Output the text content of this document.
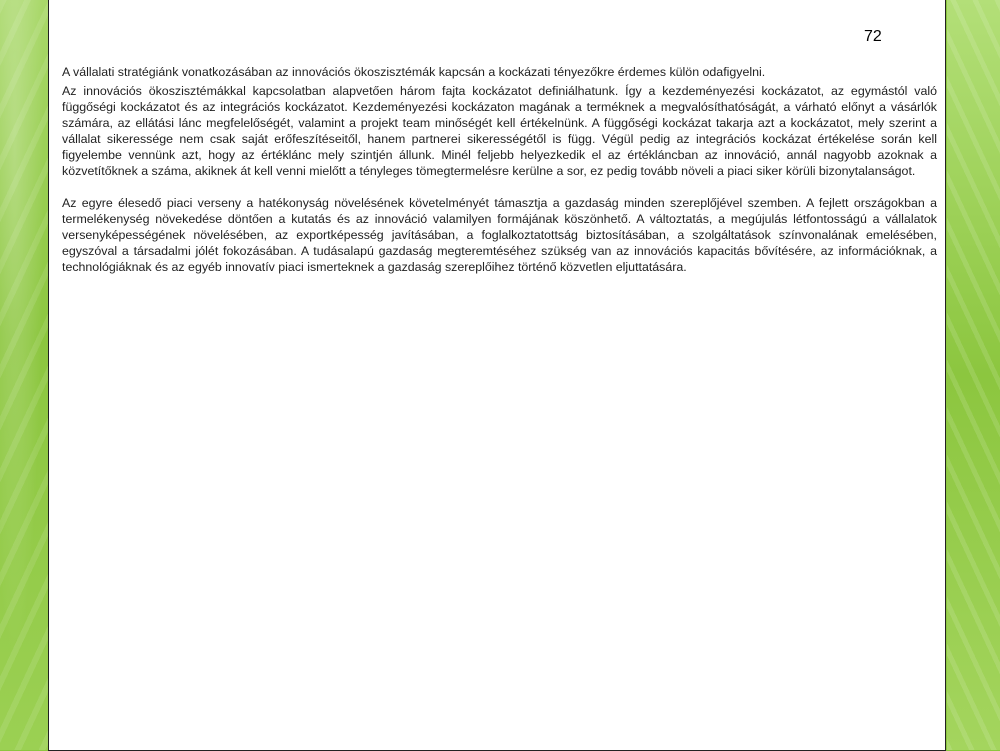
72

A vállalati stratégiánk vonatkozásában az innovációs ökoszisztémák kapcsán a kockázati tényezőkre érdemes külön odafigyelni.

Az innovációs ökoszisztémákkal kapcsolatban alapvetően három fajta kockázatot definiálhatunk. Így a kezdeményezési kockázatot, az egymástól való függőségi kockázatot és az integrációs kockázatot. Kezdeményezési kockázaton magának a terméknek a megvalósíthatóságát, a várható előnyt a vásárlók számára, az ellátási lánc megfelelőségét, valamint a projekt team minőségét kell értékelnünk. A függőségi kockázat takarja azt a kockázatot, mely szerint a vállalat sikeressége nem csak saját erőfeszítéseitől, hanem partnerei sikerességétől is függ. Végül pedig az integrációs kockázat értékelése során kell figyelembe vennünk azt, hogy az értéklánc mely szintjén állunk. Minél feljebb helyezkedik el az értékláncban az innováció, annál nagyobb azoknak a közvetítőknek a száma, akiknek át kell venni mielőtt a tényleges tömegtermelésre kerülne a sor, ez pedig tovább növeli a piaci siker körüli bizonytalanságot.

Az egyre élesedő piaci verseny a hatékonyság növelésének követelményét támasztja a gazdaság minden szereplőjével szemben. A fejlett országokban a termelékenység növekedése döntően a kutatás és az innováció valamilyen formájának köszönhető. A változtatás, a megújulás létfontosságú a vállalatok versenyképességének növelésében, az exportképesség javításában, a foglalkoztatottság biztosításában, a szolgáltatások színvonalának emelésében, egyszóval a társadalmi jólét fokozásában. A tudásalapú gazdaság megteremtéséhez szükség van az innovációs kapacitás bővítésére, az információknak, a technológiáknak és az egyéb innovatív piaci ismerteknek a gazdaság szereplőihez történő közvetlen eljuttatására.
